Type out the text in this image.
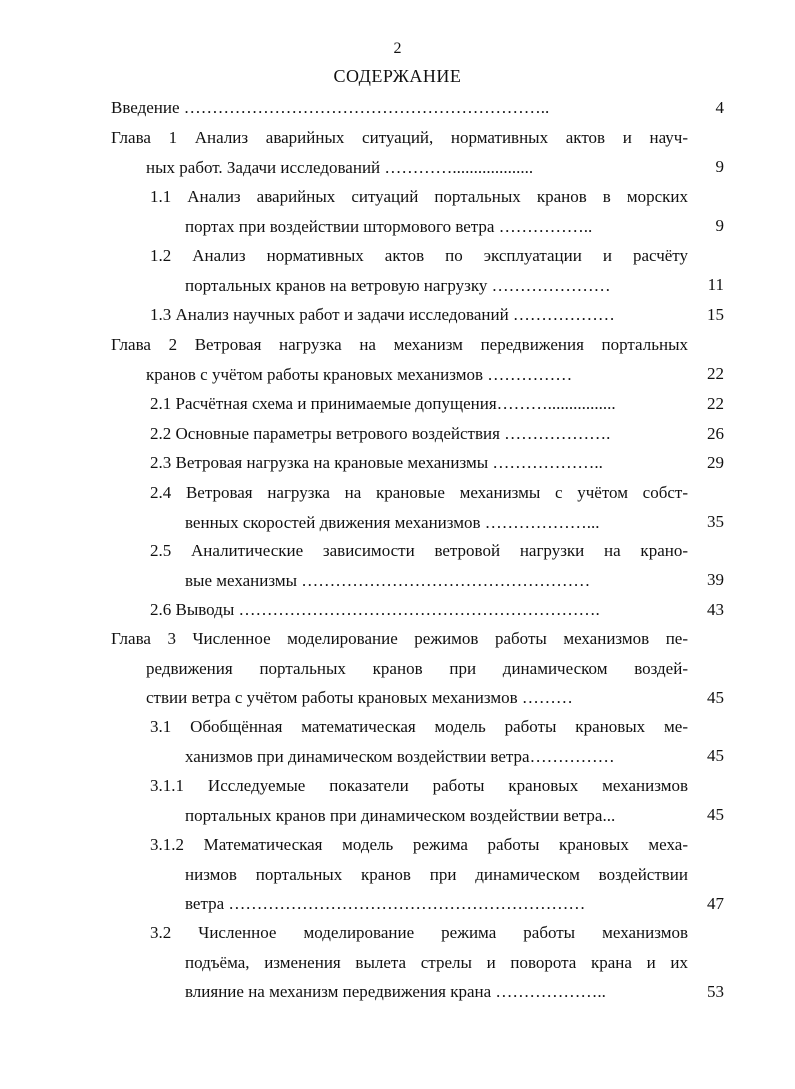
2
СОДЕРЖАНИЕ
Введение ………………………………………………………..	4
Глава 1 Анализ аварийных ситуаций, нормативных актов и науч-
ных работ. Задачи исследований …………...................	9
1.1 Анализ аварийных ситуаций портальных кранов в морских
портах при воздействии штормового ветра ……………..	9
1.2 Анализ нормативных актов по эксплуатации и расчёту
портальных кранов на ветровую нагрузку …………………	11
1.3 Анализ научных работ и задачи исследований ………………	15
Глава 2 Ветровая нагрузка на механизм передвижения портальных
кранов с учётом работы крановых механизмов ……………	22
2.1 Расчётная схема и принимаемые допущения………................	22
2.2 Основные параметры ветрового воздействия ……………….	26
2.3 Ветровая нагрузка на крановые механизмы ………………..	29
2.4 Ветровая нагрузка на крановые механизмы с учётом собст-
венных скоростей движения механизмов ………………...	35
2.5 Аналитические зависимости ветровой нагрузки на крано-
вые механизмы ……………………………………………	39
2.6 Выводы ……………………………………………………….	43
Глава 3 Численное моделирование режимов работы механизмов пе-
редвижения портальных кранов при динамическом воздей-
ствии ветра с учётом работы крановых механизмов ………	45
3.1 Обобщённая математическая модель работы крановых ме-
ханизмов при динамическом воздействии ветра……………	45
3.1.1 Исследуемые показатели работы крановых механизмов
портальных кранов при динамическом воздействии ветра...	45
3.1.2 Математическая модель режима работы крановых меха-
низмов портальных кранов при динамическом воздействии
ветра ………………………………………………………	47
3.2 Численное моделирование режима работы механизмов
подъёма, изменения вылета стрелы и поворота крана и их
влияние на механизм передвижения крана ………………..	53
